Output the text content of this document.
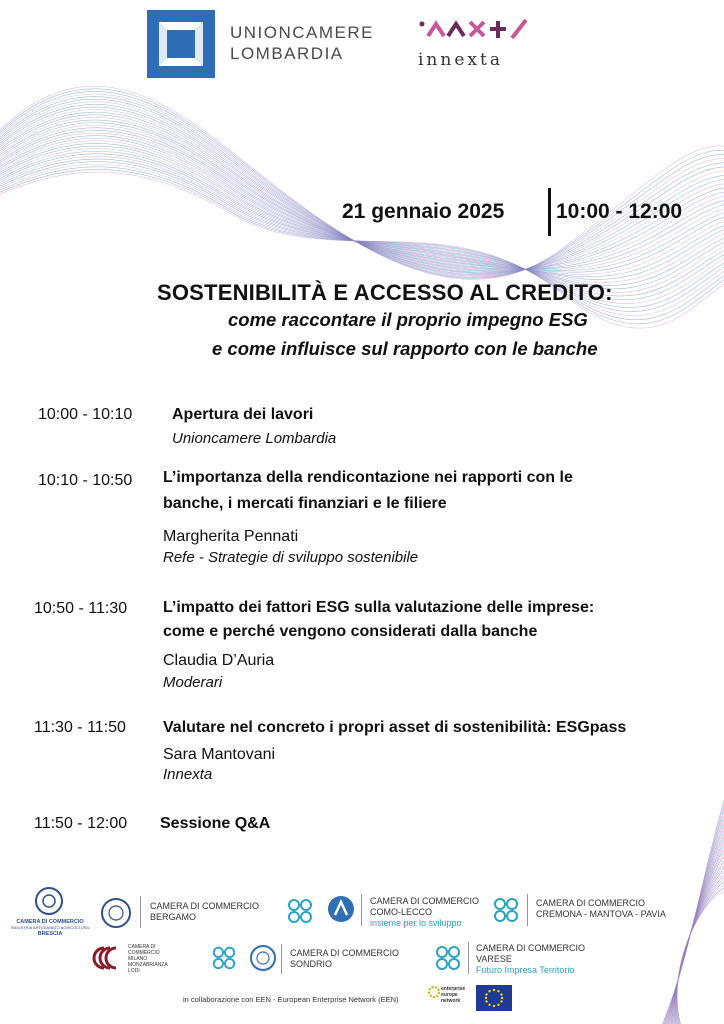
UNIONCAMERE
LOMBARDIA	innexta
21 gennaio 2025 10:00 - 12:00
SOSTENIBILITÀ E ACCESSO AL CREDITO:
come raccontare il proprio impegno ESG
e come influisce sul rapporto con le banche
10:00 - 10:10 Apertura dei lavori
Unioncamere Lombardia
10:10 - 10:50 L’importanza della rendicontazione nei rapporti con le
banche, i mercati finanziari e le filiere
Margherita Pennati
Refe - Strategie di sviluppo sostenibile
10:50 - 11:30 L’impatto dei fattori ESG sulla valutazione delle imprese:
come e perché vengono considerati dalla banche
Claudia D’Auria
Moderari
11:30 - 11:50 Valutare nel concreto i propri asset di sostenibilità: ESGpass
Sara Mantovani
Innexta
11:50 - 12:00 Sessione Q&A
CAMERA DI COMMERCIO
INDUSTRIA ARTIGIANATO AGRICOLTURA
BRESCIA
CAMERA DI COMMERCIO
BERGAMO
CAMERA DI COMMERCIO
COMO-LECCO
insieme per lo sviluppo
CAMERA DI COMMERCIO
CREMONA - MANTOVA - PAVIA
CAMERA DI
COMMERCIO
MILANO
MONZABRIANZA
LODI
CAMERA DI COMMERCIO
SONDRIO
CAMERA DI COMMERCIO
VARESE
Futuro Impresa Territorio
in collaborazione con EEN - European Enterprise Network (EEN)
enterprise
europe
network
